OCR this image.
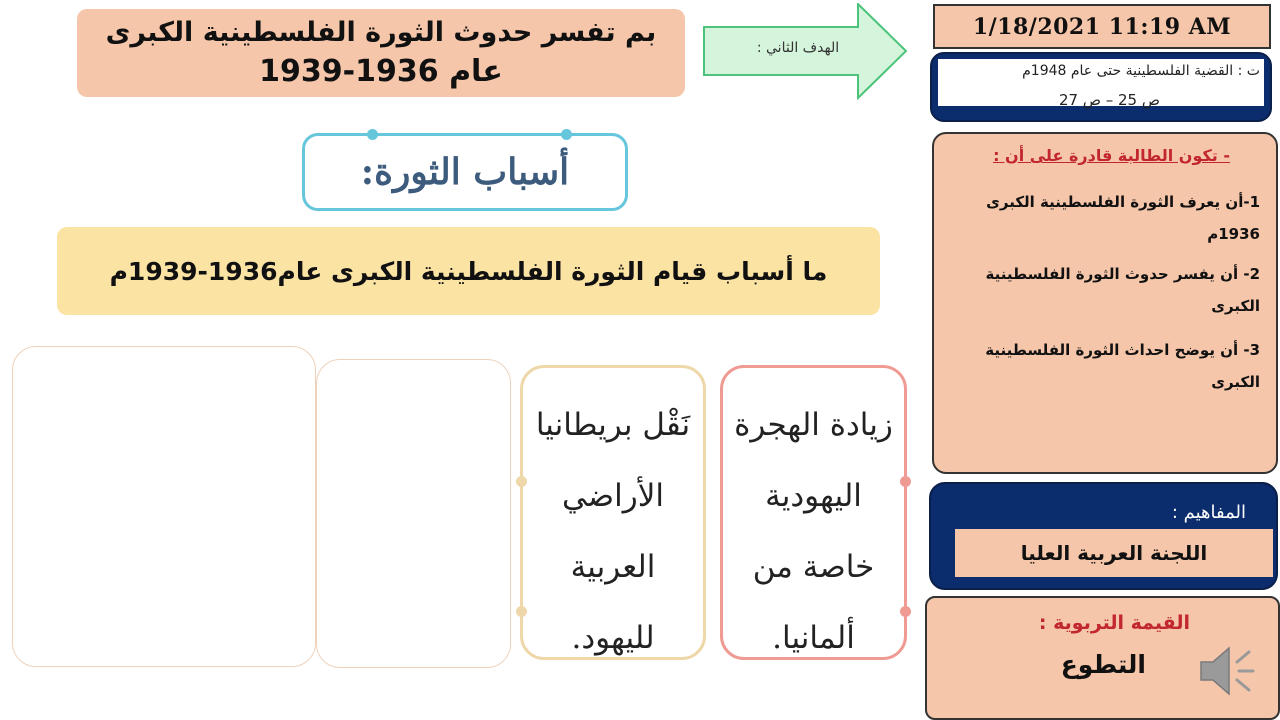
بم تفسر حدوث الثورة الفلسطينية الكبرى
عام 1936-1939
الهدف الثاني :
أسباب الثورة:
ما أسباب قيام الثورة الفلسطينية الكبرى عام1936-1939م
نَقْل بريطانيا
الأراضي
العربية
لليهود.
زيادة الهجرة
اليهودية
خاصة من
ألمانيا.
1/18/2021 11:19 AM
ت : القضية الفلسطينية حتى عام 1948م
ص 25 – ص 27
- تكون الطالبة قادرة على أن :
1-أن يعرف الثورة الفلسطينية الكبرى 1936م
2- أن يفسر حدوث الثورة الفلسطينية الكبرى
3- أن يوضح احداث الثورة الفلسطينية الكبرى
المفاهيم :
اللجنة العربية العليا
القيمة التربوية :
التطوع
